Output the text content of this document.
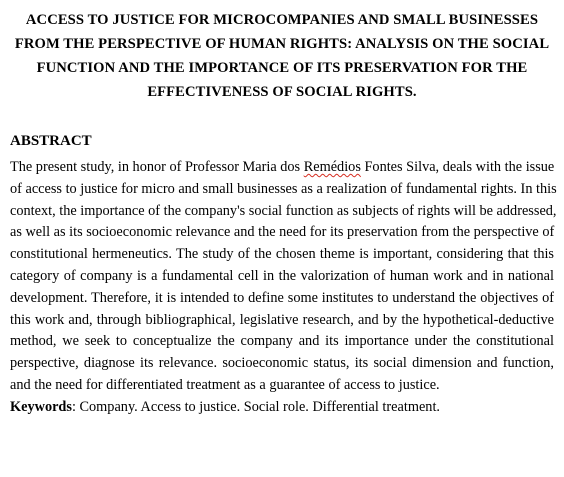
ACCESS TO JUSTICE FOR MICROCOMPANIES AND SMALL BUSINESSES
FROM THE PERSPECTIVE OF HUMAN RIGHTS: ANALYSIS ON THE SOCIAL
FUNCTION AND THE IMPORTANCE OF ITS PRESERVATION FOR THE
EFFECTIVENESS OF SOCIAL RIGHTS.
ABSTRACT
The present study, in honor of Professor Maria dos Remédios Fontes Silva, deals with the issue
of access to justice for micro and small businesses as a realization of fundamental rights. In this
context, the importance of the company's social function as subjects of rights will be addressed,
as well as its socioeconomic relevance and the need for its preservation from the perspective of
constitutional hermeneutics. The study of the chosen theme is important, considering that this
category of company is a fundamental cell in the valorization of human work and in national
development. Therefore, it is intended to define some institutes to understand the objectives of
this work and, through bibliographical, legislative research, and by the hypothetical-deductive
method, we seek to conceptualize the company and its importance under the constitutional
perspective, diagnose its relevance. socioeconomic status, its social dimension and function,
and the need for differentiated treatment as a guarantee of access to justice.

Keywords: Company. Access to justice. Social role. Differential treatment.
